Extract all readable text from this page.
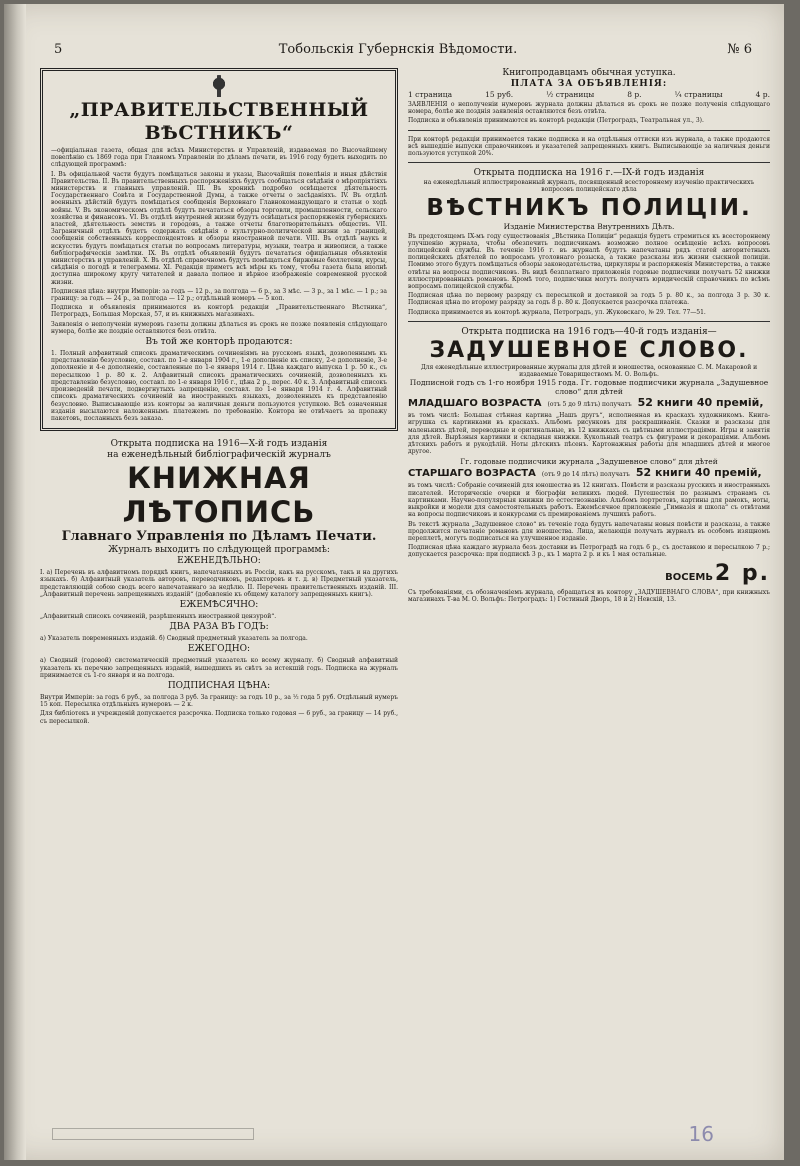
5	Тобольскія Губернскія Вѣдомости.	№ 6
„ПРАВИТЕЛЬСТВЕННЫЙ ВѢСТНИКЪ“

—офиціальная газета, общая для всѣхъ Министерствъ и Управленій, издаваемая по Высочайшему повелѣнію съ 1869 года при Главномъ Управленіи по дѣламъ печати, въ 1916 году будетъ выходить по слѣдующей программѣ:

I. Въ офиціальной части будутъ помѣщаться законы и указы, Высочайшія повелѣнія и иныя дѣйствія Правительства. II. Въ правительственныхъ распоряженіяхъ будутъ сообщаться свѣдѣнія о мѣропріятіяхъ министерствъ и главныхъ управленій. III. Въ хроникѣ подробно освѣщается дѣятельность Государственнаго Совѣта и Государственной Думы, а также отчеты о засѣданіяхъ. IV. Въ отдѣлѣ военныхъ дѣйствій будутъ помѣщаться сообщенія Верховнаго Главнокомандующаго и статьи о ходѣ войны. V. Въ экономическомъ отдѣлѣ будутъ печататься обзоры торговли, промышленности, сельскаго хозяйства и финансовъ. VI. Въ отдѣлѣ внутренней жизни будутъ освѣщаться распоряженія губернскихъ властей, дѣятельность земствъ и городовъ, а также отчеты благотворительныхъ обществъ. VII. Заграничный отдѣлъ будетъ содержать свѣдѣнія о культурно-политической жизни за границей, сообщенія собственныхъ корреспондентовъ и обзоры иностранной печати. VIII. Въ отдѣлѣ наукъ и искусствъ будутъ помѣщаться статьи по вопросамъ литературы, музыки, театра и живописи, а также библіографическія замѣтки. IX. Въ отдѣлѣ объявленій будутъ печататься офиціальныя объявленія министерствъ и управленій. X. Въ отдѣлѣ справочномъ будутъ помѣщаться биржевые бюллетени, курсы, свѣдѣнія о погодѣ и телеграммы. XI. Редакція приметъ всѣ мѣры къ тому, чтобы газета была вполнѣ доступна широкому кругу читателей и давала полное и вѣрное изображеніе современной русской жизни.

Подписная цѣна: внутри Имперіи: за годъ — 12 р., за полгода — 6 р., за 3 мѣс. — 3 р., за 1 мѣс. — 1 р.; за границу: за годъ — 24 р., за полгода — 12 р.; отдѣльный номеръ — 5 коп.

Подписка и объявленія принимаются въ конторѣ редакціи „Правительственнаго Вѣстника“, Петроградъ, Большая Морская, 57, и въ книжныхъ магазинахъ.

Заявленія о неполученіи нумеровъ газеты должны дѣлаться въ срокъ не позже появленія слѣдующаго нумера, болѣе же поздніе оставляются безъ отвѣта.

Въ той же конторѣ продаются:

1. Полный алфавитный списокъ драматическимъ сочиненіямъ на русскомъ языкѣ, дозволеннымъ къ представленію безусловно, составл. по 1-е января 1904 г., 1-е дополненіе къ списку, 2-е дополненіе, 3-е дополненіе и 4-е дополненіе, составленные по 1-е января 1914 г. Цѣна каждаго выпуска 1 р. 50 к., съ пересылкою 1 р. 80 к. 2. Алфавитный списокъ драматическихъ сочиненій, дозволенныхъ къ представленію безусловно, составл. по 1-е января 1916 г., цѣна 2 р., перес. 40 к. 3. Алфавитный списокъ произведеній печати, подвергнутыхъ запрещенію, составл. по 1-е января 1914 г. 4. Алфавитный списокъ драматическихъ сочиненій на иностранныхъ языкахъ, дозволенныхъ къ представленію безусловно. Выписывающіе изъ конторы за наличныя деньги пользуются уступкою. Всѣ означенныя изданія высылаются наложеннымъ платежемъ по требованію. Контора не отвѣчаетъ за пропажу пакетовъ, посланныхъ безъ заказа.

Открыта подписка на 1916—X-й годъ изданія
на еженедѣльный библіографическій журналъ
КНИЖНАЯ ЛѢТОПИСЬ
Главнаго Управленія по Дѣламъ Печати.
Журналъ выходитъ по слѣдующей программѣ:
ЕЖЕНЕДѢЛЬНО:

I. а) Перечень въ алфавитномъ порядкѣ книгъ, напечатанныхъ въ Россіи, какъ на русскомъ, такъ и на другихъ языкахъ. б) Алфавитный указатель авторовъ, переводчиковъ, редакторовъ и т. д. в) Предметный указатель, представляющій собою сводъ всего напечатаннаго за недѣлю. II. Перечень правительственныхъ изданій. III. „Алфавитный перечень запрещенныхъ изданій“ (добавленіе къ общему каталогу запрещенныхъ книгъ).

ЕЖЕМѢСЯЧНО:

„Алфавитный списокъ сочиненій, разрѣшенныхъ иностранной цензурой“.

ДВА РАЗА ВЪ ГОДЪ:

а) Указатель повременныхъ изданій. б) Сводный предметный указатель за полгода.

ЕЖЕГОДНО:

а) Сводный (годовой) систематическій предметный указатель ко всему журналу. б) Сводный алфавитный указатель къ перечню запрещенныхъ изданій, вышедшихъ въ свѣтъ за истекшій годъ. Подписка на журналъ принимается съ 1-го января и на полгода.

ПОДПИСНАЯ ЦѢНА:

Внутри Имперіи: за годъ 6 руб., за полгода 3 руб. За границу: за годъ 10 р., за ½ года 5 руб. Отдѣльный нумеръ 15 коп. Пересылка отдѣльныхъ нумеровъ — 2 к.

Для библіотекъ и учрежденій допускается разсрочка. Подписка только годовая — 6 руб., за границу — 14 руб., съ пересылкой.

Книгопродавцамъ обычная уступка.
ПЛАТА ЗА ОБЪЯВЛЕНІЯ:
1 страница	15 руб.	½ страницы	8 р.	¼ страницы	4 р.

ЗАЯВЛЕНІЯ о неполученіи нумеровъ журнала должны дѣлаться въ срокъ не позже полученія слѣдующаго номера, болѣе же позднія заявленія оставляются безъ отвѣта.

Подписка и объявленія принимаются въ конторѣ редакціи (Петроградъ, Театральная ул., 3).

При конторѣ редакціи принимается также подписка и на отдѣльныя оттиски изъ журнала, а также продаются всѣ вышедшіе выпуски справочниковъ и указателей запрещенныхъ книгъ. Выписывающіе за наличныя деньги пользуются уступкой 20%.

Открыта подписка на 1916 г.—IX-й годъ изданія
на еженедѣльный иллюстрированный журналъ, посвященный всестороннему изученію практическихъ вопросовъ полицейскаго дѣла
ВѢСТНИКЪ ПОЛИЦІИ.
Изданіе Министерства Внутреннихъ Дѣлъ.

Въ предстоящемъ IX-мъ году существованія „Вѣстника Полиціи“ редакція будетъ стремиться къ всестороннему улучшенію журнала, чтобы обезпечить подписчикамъ возможно полное освѣщеніе всѣхъ вопросовъ полицейской службы. Въ теченіе 1916 г. въ журналѣ будутъ напечатаны рядъ статей авторитетныхъ полицейскихъ дѣятелей по вопросамъ уголовнаго розыска, а также разсказы изъ жизни сыскной полиціи. Помимо этого будутъ помѣщаться обзоры законодательства, циркуляры и распоряженія Министерства, а также отвѣты на вопросы подписчиковъ. Въ видѣ безплатнаго приложенія годовые подписчики получатъ 52 книжки иллюстрированныхъ романовъ. Кромѣ того, подписчики могутъ получить юридическій справочникъ по всѣмъ вопросамъ полицейской службы.

Подписная цѣна по первому разряду съ пересылкой и доставкой за годъ 5 р. 80 к., за полгода 3 р. 30 к. Подписная цѣна по второму разряду за годъ 8 р. 80 к. Допускается разсрочка платежа.

Подписка принимается въ конторѣ журнала, Петроградъ, ул. Жуковскаго, № 29. Тел. 77—51.

Открыта подписка на 1916 годъ—40-й годъ изданія—
ЗАДУШЕВНОЕ СЛОВО.
Для еженедѣльные иллюстрированные журналы для дѣтей и юношества, основанные С. М. Макаровой и издаваемые Товариществомъ М. О. Вольфъ.
Подписной годъ съ 1-го ноября 1915 года. Гг. годовые подписчики журнала „Задушевное слово“ для дѣтей
МЛАДШАГО ВОЗРАСТА (отъ 5 до 9 лѣтъ) получатъ 52 книги 40 премій,

въ томъ числѣ: Большая стѣнная картина „Нашъ другъ“, исполненная въ краскахъ художникомъ. Книга-игрушка съ картинками въ краскахъ. Альбомъ рисунковъ для раскрашиванія. Сказки и разсказы для маленькихъ дѣтей, переводные и оригинальные, въ 12 книжкахъ съ цвѣтными иллюстраціями. Игры и занятія для дѣтей. Вырѣзныя картинки и складныя книжки. Кукольный театръ съ фигурами и декораціями. Альбомъ дѣтскихъ работъ и рукодѣлій. Ноты дѣтскихъ пѣсенъ. Картонажныя работы для младшихъ дѣтей и многое другое.

Гг. годовые подписчики журнала „Задушевное слово“ для дѣтей
СТАРШАГО ВОЗРАСТА (отъ 9 до 14 лѣтъ) получатъ 52 книги 40 премій,

въ томъ числѣ: Собраніе сочиненій для юношества въ 12 книгахъ. Повѣсти и разсказы русскихъ и иностранныхъ писателей. Историческіе очерки и біографіи великихъ людей. Путешествія по разнымъ странамъ съ картинками. Научно-популярныя книжки по естествознанію. Альбомъ портретовъ, картины для рамокъ, ноты, выкройки и модели для самостоятельныхъ работъ. Ежемѣсячное приложеніе „Гимназія и школа“ съ отвѣтами на вопросы подписчиковъ и конкурсами съ премированіемъ лучшихъ работъ.

Въ текстѣ журнала „Задушевное слово“ въ теченіе года будутъ напечатаны новыя повѣсти и разсказы, а также продолжится печатаніе романовъ для юношества. Лица, желающія получать журналъ въ особомъ изящномъ переплетѣ, могутъ подписаться на улучшенное изданіе.

Подписная цѣна каждаго журнала безъ доставки въ Петроградѣ на годъ 6 р., съ доставкою и пересылкою 7 р.; допускается разсрочка: при подпискѣ 3 р., къ 1 марта 2 р. и къ 1 мая остальные.

ВОСЕМЬ 2 р.

Съ требованіями, съ обозначеніемъ журнала, обращаться въ контору „ЗАДУШЕВНАГО СЛОВА“, при книжныхъ магазинахъ Т-ва М. О. Вольфъ: Петроградъ: 1) Гостиный Дворъ, 18 и 2) Невскій, 13.

16
